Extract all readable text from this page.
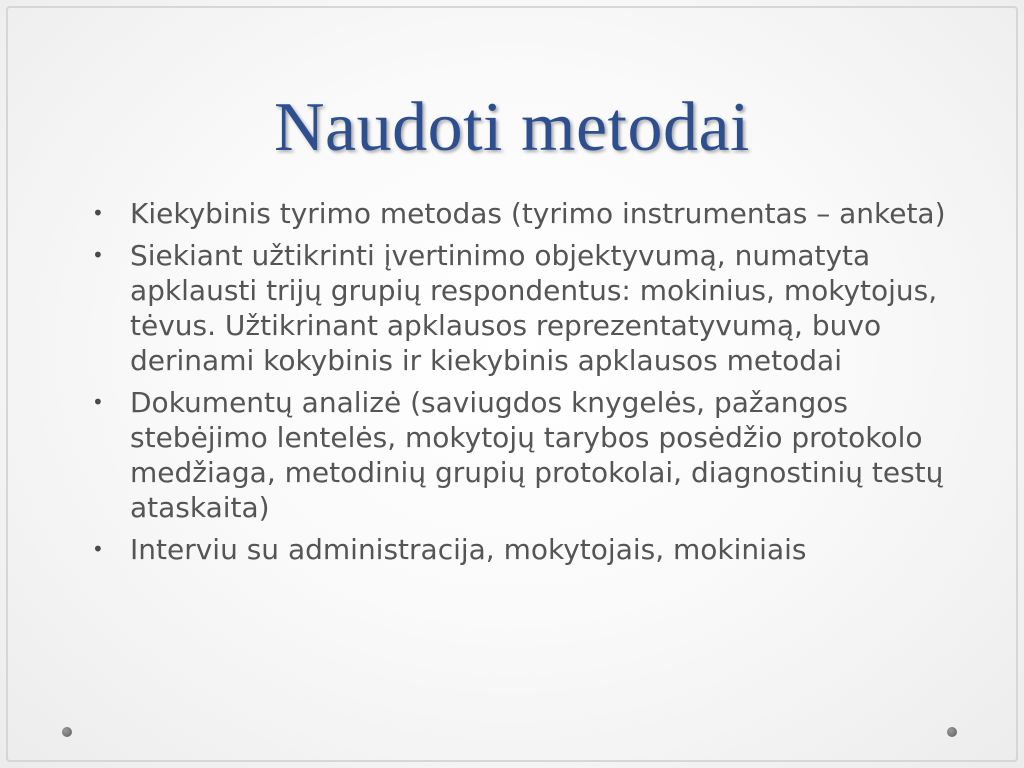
Naudoti metodai
• Kiekybinis tyrimo metodas (tyrimo instrumentas – anketa)
• Siekiant užtikrinti įvertinimo objektyvumą, numatyta apklausti trijų grupių respondentus: mokinius, mokytojus, tėvus. Užtikrinant apklausos reprezentatyvumą, buvo derinami kokybinis ir kiekybinis apklausos metodai
• Dokumentų analizė (saviugdos knygelės, pažangos stebėjimo lentelės, mokytojų tarybos posėdžio protokolo medžiaga, metodinių grupių protokolai, diagnostinių testų ataskaita)
• Interviu su administracija, mokytojais, mokiniais
